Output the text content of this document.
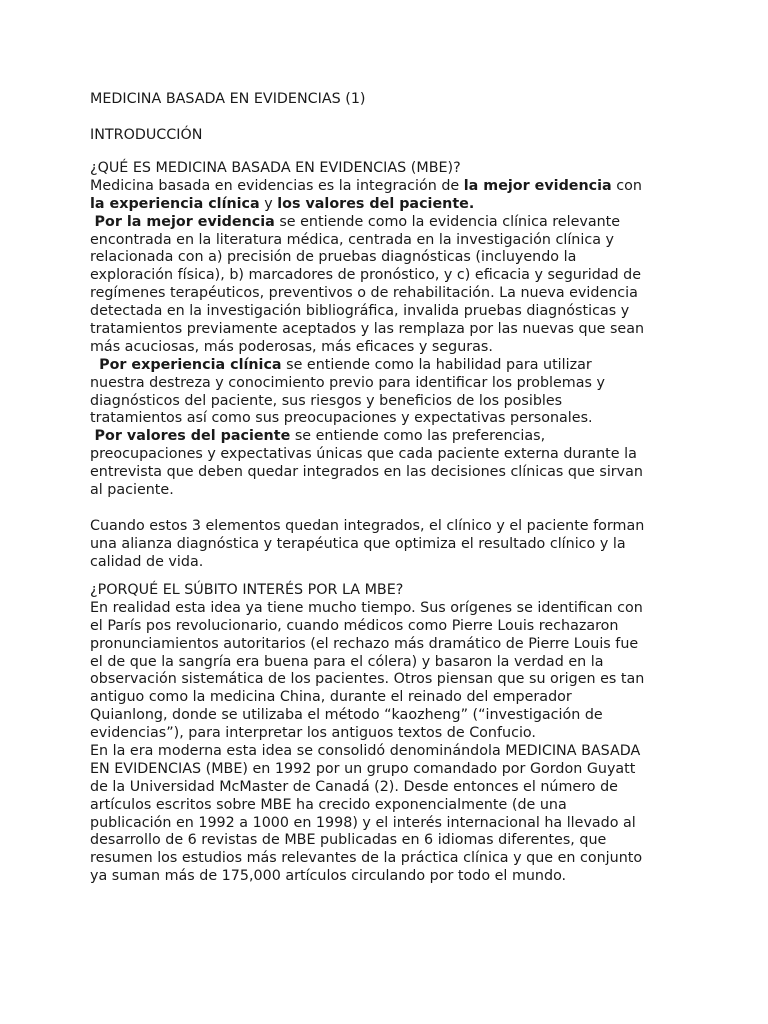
MEDICINA BASADA EN EVIDENCIAS (1)
INTRODUCCIÓN
¿QUÉ ES MEDICINA BASADA EN EVIDENCIAS (MBE)?
Medicina basada en evidencias es la integración de la mejor evidencia con
la experiencia clínica y los valores del paciente.
Por la mejor evidencia se entiende como la evidencia clínica relevante
encontrada en la literatura médica, centrada en la investigación clínica y
relacionada con a) precisión de pruebas diagnósticas (incluyendo la
exploración física), b) marcadores de pronóstico, y c) eficacia y seguridad de
regímenes terapéuticos, preventivos o de rehabilitación. La nueva evidencia
detectada en la investigación bibliográfica, invalida pruebas diagnósticas y
tratamientos previamente aceptados y las remplaza por las nuevas que sean
más acuciosas, más poderosas, más eficaces y seguras.
Por experiencia clínica se entiende como la habilidad para utilizar
nuestra destreza y conocimiento previo para identificar los problemas y
diagnósticos del paciente, sus riesgos y beneficios de los posibles
tratamientos así como sus preocupaciones y expectativas personales.
Por valores del paciente se entiende como las preferencias,
preocupaciones y expectativas únicas que cada paciente externa durante la
entrevista que deben quedar integrados en las decisiones clínicas que sirvan
al paciente.
Cuando estos 3 elementos quedan integrados, el clínico y el paciente forman
una alianza diagnóstica y terapéutica que optimiza el resultado clínico y la
calidad de vida.
¿PORQUÉ EL SÚBITO INTERÉS POR LA MBE?
En realidad esta idea ya tiene mucho tiempo. Sus orígenes se identifican con
el París pos revolucionario, cuando médicos como Pierre Louis rechazaron
pronunciamientos autoritarios (el rechazo más dramático de Pierre Louis fue
el de que la sangría era buena para el cólera) y basaron la verdad en la
observación sistemática de los pacientes. Otros piensan que su origen es tan
antiguo como la medicina China, durante el reinado del emperador
Quianlong, donde se utilizaba el método “kaozheng” (“investigación de
evidencias”), para interpretar los antiguos textos de Confucio.
En la era moderna esta idea se consolidó denominándola MEDICINA BASADA
EN EVIDENCIAS (MBE) en 1992 por un grupo comandado por Gordon Guyatt
de la Universidad McMaster de Canadá (2). Desde entonces el número de
artículos escritos sobre MBE ha crecido exponencialmente (de una
publicación en 1992 a 1000 en 1998) y el interés internacional ha llevado al
desarrollo de 6 revistas de MBE publicadas en 6 idiomas diferentes, que
resumen los estudios más relevantes de la práctica clínica y que en conjunto
ya suman más de 175,000 artículos circulando por todo el mundo.
